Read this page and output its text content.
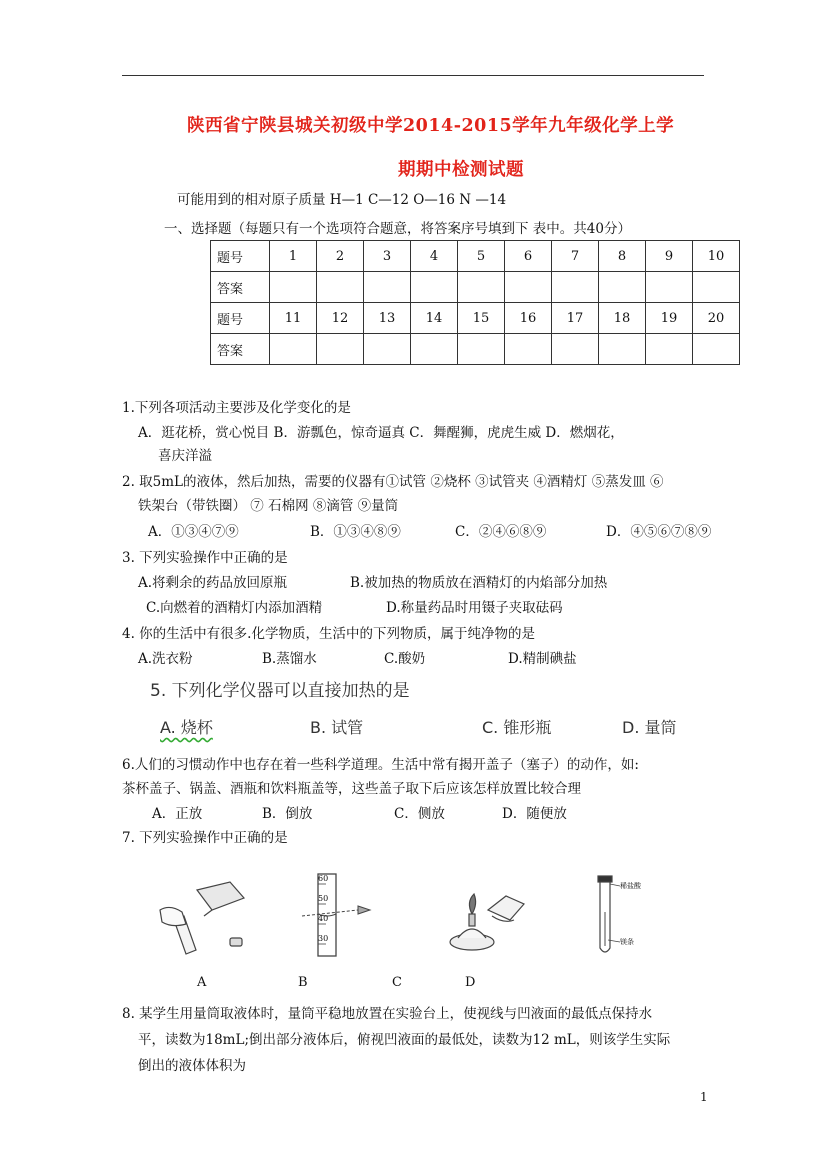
陕西省宁陕县城关初级中学2014-2015学年九年级化学上学
期期中检测试题
可能用到的相对原子质量 H—1 C—12 O—16 N —14
一、选择题（每题只有一个选项符合题意，将答案序号填到下 表中。共40分）
题号	1	2	3	4	5	6	7	8	9	10
答案										
题号	11	12	13	14	15	16	17	18	19	20
答案										
1.下列各项活动主要涉及化学变化的是
A．逛花桥，赏心悦目 B．游瓢色，惊奇逼真 C．舞醒狮，虎虎生威 D．燃烟花，
喜庆洋溢
2. 取5mL的液体，然后加热，需要的仪器有①试管 ②烧杯 ③试管夹 ④酒精灯 ⑤蒸发皿 ⑥
铁架台（带铁圈） ⑦ 石棉网 ⑧滴管 ⑨量筒
A．①③④⑦⑨	B．①③④⑧⑨	C．②④⑥⑧⑨	D．④⑤⑥⑦⑧⑨
3. 下列实验操作中正确的是
A.将剩余的药品放回原瓶	B.被加热的物质放在酒精灯的内焰部分加热
C.向燃着的酒精灯内添加酒精	D.称量药品时用镊子夹取砝码
4. 你的生活中有很多.化学物质，生活中的下列物质，属于纯净物的是
A.洗衣粉	B.蒸馏水	C.酸奶	D.精制碘盐
5. 下列化学仪器可以直接加热的是
A. 烧杯	B. 试管	C. 锥形瓶	D. 量筒
6.人们的习惯动作中也存在着一些科学道理。生活中常有揭开盖子（塞子）的动作，如:
茶杯盖子、锅盖、酒瓶和饮料瓶盖等，这些盖子取下后应该怎样放置比较合理
A．正放	B．倒放	C．侧放	D．随便放
7. 下列实验操作中正确的是
60
50
40
30
稀盐酸
镁条
A	B	C	D
8. 某学生用量筒取液体时，量筒平稳地放置在实验台上，使视线与凹液面的最低点保持水
平，读数为18mL;倒出部分液体后，俯视凹液面的最低处，读数为12 mL，则该学生实际
倒出的液体体积为
1
